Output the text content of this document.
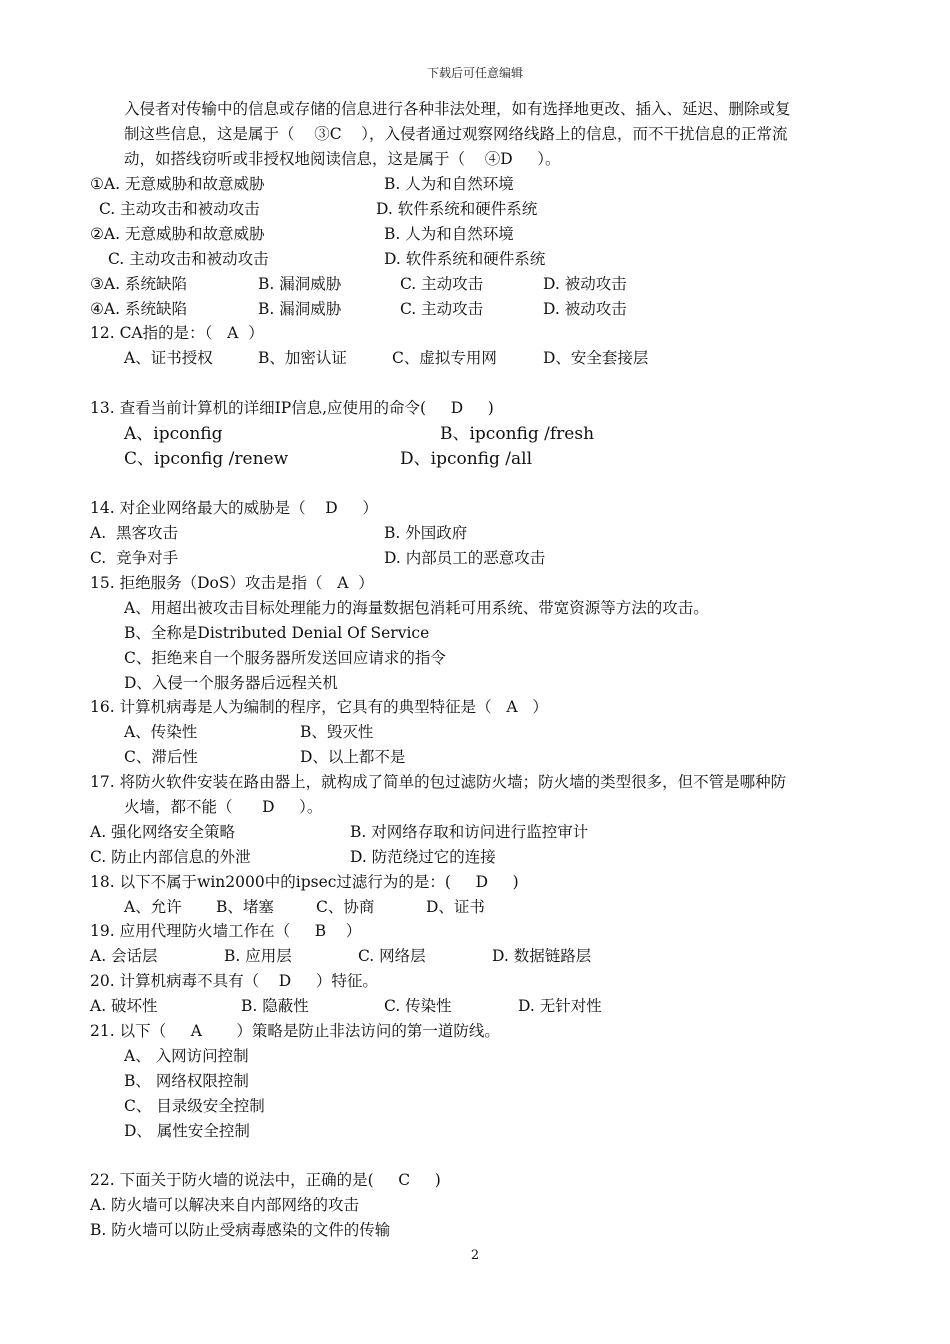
下载后可任意编辑
入侵者对传输中的信息或存储的信息进行各种非法处理，如有选择地更改、插入、延迟、删除或复
制这些信息，这是属于（    ③C    ），入侵者通过观察网络线路上的信息，而不干扰信息的正常流
动，如搭线窃听或非授权地阅读信息，这是属于（    ④D     ）。
①A. 无意威胁和故意威胁	B. 人为和自然环境
C. 主动攻击和被动攻击	D. 软件系统和硬件系统
②A. 无意威胁和故意威胁	B. 人为和自然环境
C. 主动攻击和被动攻击	D. 软件系统和硬件系统
③A. 系统缺陷	B. 漏洞威胁	C. 主动攻击	D. 被动攻击
④A. 系统缺陷	B. 漏洞威胁	C. 主动攻击	D. 被动攻击
12. CA指的是：（   A  ）
A、证书授权	B、加密认证	C、虚拟专用网	D、安全套接层
13. 查看当前计算机的详细IP信息,应使用的命令(     D     )
A、ipconfig	B、ipconfig /fresh
C、ipconfig /renew	D、ipconfig /all
14. 对企业网络最大的威胁是（    D     ）
A.  黑客攻击	B. 外国政府
C.  竞争对手	D. 内部员工的恶意攻击
15. 拒绝服务（DoS）攻击是指（   A  ）
A、用超出被攻击目标处理能力的海量数据包消耗可用系统、带宽资源等方法的攻击。
B、全称是Distributed Denial Of Service
C、拒绝来自一个服务器所发送回应请求的指令
D、入侵一个服务器后远程关机
16. 计算机病毒是人为编制的程序，它具有的典型特征是（   A   ）
A、传染性	B、毁灭性
C、滞后性	D、以上都不是
17. 将防火软件安装在路由器上，就构成了简单的包过滤防火墙；防火墙的类型很多，但不管是哪种防
火墙，都不能（      D     ）。
A. 强化网络安全策略	B. 对网络存取和访问进行监控审计
C. 防止内部信息的外泄	D. 防范绕过它的连接
18. 以下不属于win2000中的ipsec过滤行为的是：(     D     )
A、允许 B、堵塞	C、协商	D、证书
19. 应用代理防火墙工作在（     B    ）
A. 会话层	B. 应用层	C. 网络层	D. 数据链路层
20. 计算机病毒不具有（    D     ）特征。
A. 破坏性	B. 隐蔽性	C. 传染性	D. 无针对性
21. 以下（     A       ）策略是防止非法访问的第一道防线。
A、 入网访问控制
B、 网络权限控制
C、 目录级安全控制
D、 属性安全控制
22. 下面关于防火墙的说法中，正确的是(     C     )
A. 防火墙可以解决来自内部网络的攻击
B. 防火墙可以防止受病毒感染的文件的传输
2
